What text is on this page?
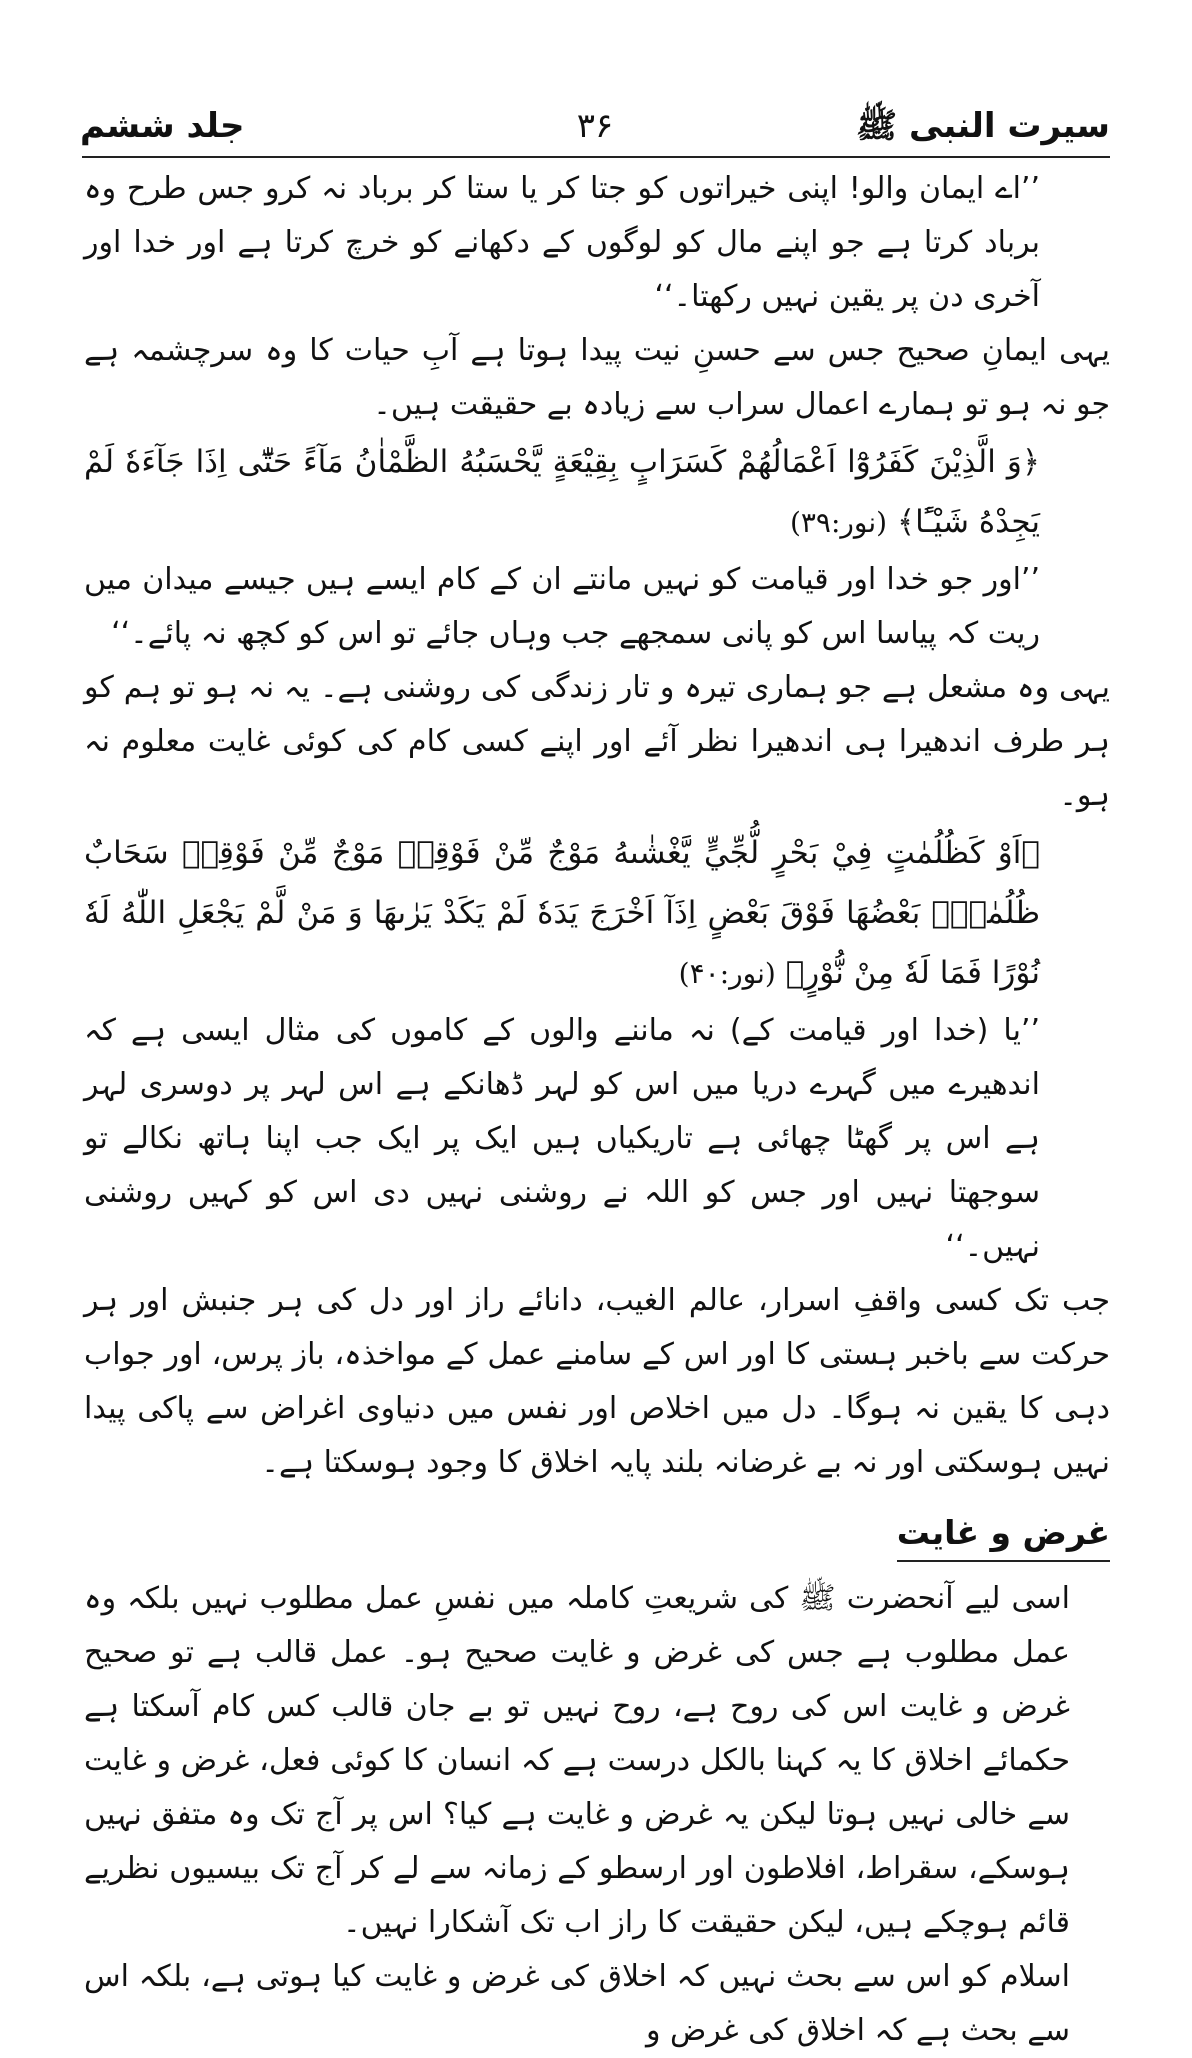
سیرت النبی ﷺ
۳۶
جلد ششم

’’اے ایمان والو! اپنی خیراتوں کو جتا کر یا ستا کر برباد نہ کرو جس طرح وہ برباد کرتا ہے جو اپنے مال کو لوگوں کے دکھانے کو خرچ کرتا ہے اور خدا اور آخری دن پر یقین نہیں رکھتا۔‘‘

یہی ایمانِ صحیح جس سے حسنِ نیت پیدا ہوتا ہے آبِ حیات کا وہ سرچشمہ ہے جو نہ ہو تو ہمارے اعمال سراب سے زیادہ بے حقیقت ہیں۔

﴿وَ الَّذِيْنَ كَفَرُوْٓا اَعْمَالُهُمْ كَسَرَابٍ بِقِيْعَةٍ يَّحْسَبُهُ الظَّمْاٰنُ مَآءً حَتّٰٓى اِذَا جَآءَهٗ لَمْ يَجِدْهُ شَيْـًٔا﴾ (نور:۳۹)

’’اور جو خدا اور قیامت کو نہیں مانتے ان کے کام ایسے ہیں جیسے میدان میں ریت کہ پیاسا اس کو پانی سمجھے جب وہاں جائے تو اس کو کچھ نہ پائے۔‘‘

یہی وہ مشعل ہے جو ہماری تیرہ و تار زندگی کی روشنی ہے۔ یہ نہ ہو تو ہم کو ہر طرف اندھیرا ہی اندھیرا نظر آئے اور اپنے کسی کام کی کوئی غایت معلوم نہ ہو۔

﴿اَوْ كَظُلُمٰتٍ فِيْ بَحْرٍ لُّجِّيٍّ يَّغْشٰىهُ مَوْجٌ مِّنْ فَوْقِهٖ مَوْجٌ مِّنْ فَوْقِهٖ سَحَابٌ ظُلُمٰتٌۢ بَعْضُهَا فَوْقَ بَعْضٍ اِذَآ اَخْرَجَ يَدَهٗ لَمْ يَكَدْ يَرٰىهَا وَ مَنْ لَّمْ يَجْعَلِ اللّٰهُ لَهٗ نُوْرًا فَمَا لَهٗ مِنْ نُّوْرٍ﴾ (نور:۴۰)

’’یا (خدا اور قیامت کے) نہ ماننے والوں کے کاموں کی مثال ایسی ہے کہ اندھیرے میں گہرے دریا میں اس کو لہر ڈھانکے ہے اس لہر پر دوسری لہر ہے اس پر گھٹا چھائی ہے تاریکیاں ہیں ایک پر ایک جب اپنا ہاتھ نکالے تو سوجھتا نہیں اور جس کو اللہ نے روشنی نہیں دی اس کو کہیں روشنی نہیں۔‘‘

جب تک کسی واقفِ اسرار، عالم الغیب، دانائے راز اور دل کی ہر جنبش اور ہر حرکت سے باخبر ہستی کا اور اس کے سامنے عمل کے مواخذہ، باز پرس، اور جواب دہی کا یقین نہ ہوگا۔ دل میں اخلاص اور نفس میں دنیاوی اغراض سے پاکی پیدا نہیں ہوسکتی اور نہ بے غرضانہ بلند پایہ اخلاق کا وجود ہوسکتا ہے۔

غرض و غایت

اسی لیے آنحضرت ﷺ کی شریعتِ کاملہ میں نفسِ عمل مطلوب نہیں بلکہ وہ عمل مطلوب ہے جس کی غرض و غایت صحیح ہو۔ عمل قالب ہے تو صحیح غرض و غایت اس کی روح ہے، روح نہیں تو بے جان قالب کس کام آسکتا ہے حکمائے اخلاق کا یہ کہنا بالکل درست ہے کہ انسان کا کوئی فعل، غرض و غایت سے خالی نہیں ہوتا لیکن یہ غرض و غایت ہے کیا؟ اس پر آج تک وہ متفق نہیں ہوسکے، سقراط، افلاطون اور ارسطو کے زمانہ سے لے کر آج تک بیسیوں نظریے قائم ہوچکے ہیں، لیکن حقیقت کا راز اب تک آشکارا نہیں۔

اسلام کو اس سے بحث نہیں کہ اخلاق کی غرض و غایت کیا ہوتی ہے، بلکہ اس سے بحث ہے کہ اخلاق کی غرض و
